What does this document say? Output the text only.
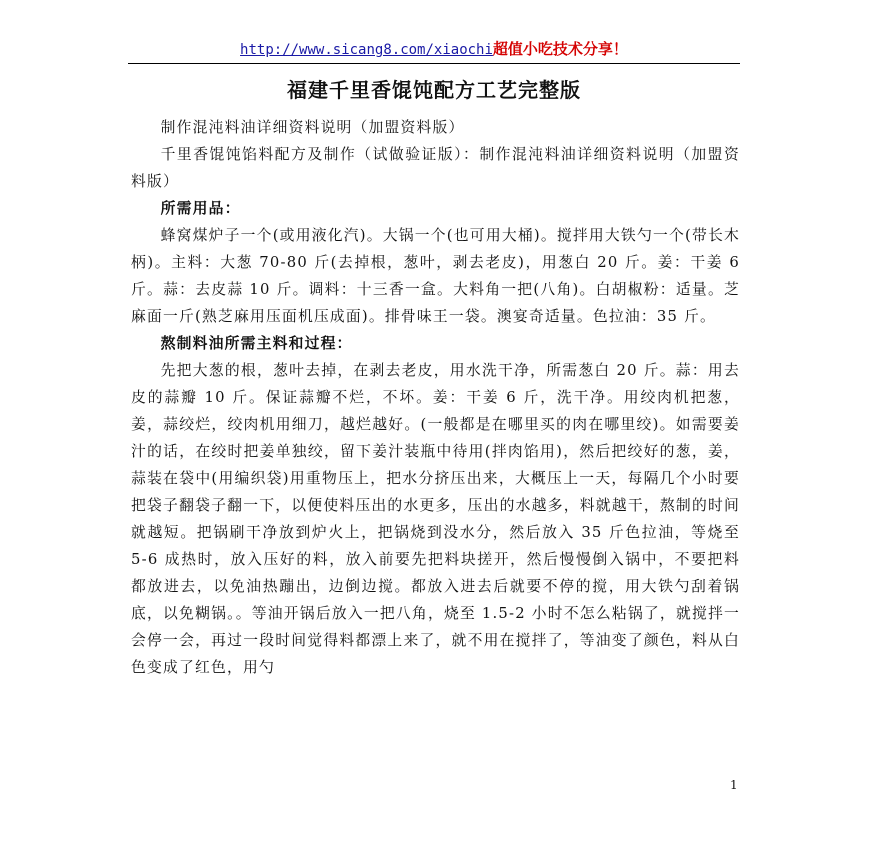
http://www.sicang8.com/xiaochi超值小吃技术分享！
福建千里香馄饨配方工艺完整版

制作混沌料油详细资料说明（加盟资料版）

千里香馄饨馅料配方及制作（试做验证版）：制作混沌料油详细资料说明（加盟资料版）

所需用品：

蜂窝煤炉子一个(或用液化汽)。大锅一个(也可用大桶)。搅拌用大铁勺一个(带长木柄)。主料：大葱 70-80 斤(去掉根，葱叶，剥去老皮)，用葱白 20 斤。姜：干姜 6 斤。蒜：去皮蒜 10 斤。调料：十三香一盒。大料角一把(八角)。白胡椒粉：适量。芝麻面一斤(熟芝麻用压面机压成面)。排骨味王一袋。澳宴奇适量。色拉油：35 斤。

熬制料油所需主料和过程：

先把大葱的根，葱叶去掉，在剥去老皮，用水洗干净，所需葱白 20 斤。蒜：用去皮的蒜瓣 10 斤。保证蒜瓣不烂，不坏。姜：干姜 6 斤，洗干净。用绞肉机把葱，姜，蒜绞烂，绞肉机用细刀，越烂越好。(一般都是在哪里买的肉在哪里绞)。如需要姜汁的话，在绞时把姜单独绞，留下姜汁装瓶中待用(拌肉馅用)，然后把绞好的葱，姜，蒜装在袋中(用编织袋)用重物压上，把水分挤压出来，大概压上一天，每隔几个小时要把袋子翻袋子翻一下，以便使料压出的水更多，压出的水越多，料就越干，熬制的时间就越短。把锅刷干净放到炉火上，把锅烧到没水分，然后放入 35 斤色拉油，等烧至 5-6 成热时，放入压好的料，放入前要先把料块搓开，然后慢慢倒入锅中，不要把料都放进去，以免油热蹦出，边倒边搅。都放入进去后就要不停的搅，用大铁勺刮着锅底，以免糊锅。。等油开锅后放入一把八角，烧至 1.5-2 小时不怎么粘锅了，就搅拌一会停一会，再过一段时间觉得料都漂上来了，就不用在搅拌了，等油变了颜色，料从白色变成了红色，用勺

1
